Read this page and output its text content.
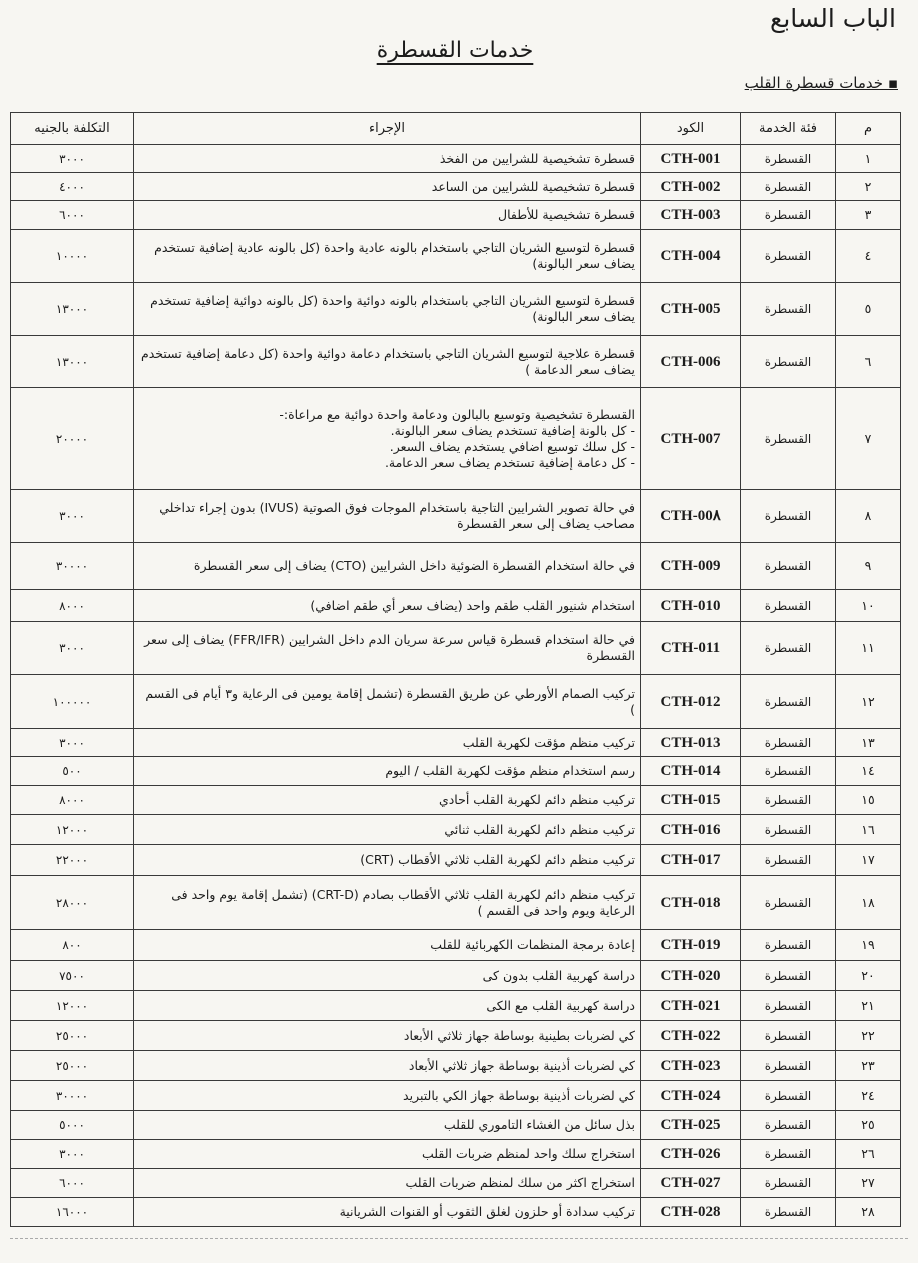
الباب السابع
خدمات القسطرة
▪ خدمات قسطرة القلب
م	فئة الخدمة	الكود	الإجراء	التكلفة بالجنيه
١	القسطرة	CTH-001	قسطرة تشخيصية للشرايين من الفخذ	٣٠٠٠
٢	القسطرة	CTH-002	قسطرة تشخيصية للشرايين من الساعد	٤٠٠٠
٣	القسطرة	CTH-003	قسطرة تشخيصية للأطفال	٦٠٠٠
٤	القسطرة	CTH-004	قسطرة لتوسيع الشريان التاجي باستخدام بالونه عادية واحدة (كل بالونه عادية إضافية تستخدم يضاف سعر البالونة)	١٠٠٠٠
٥	القسطرة	CTH-005	قسطرة لتوسيع الشريان التاجي باستخدام بالونه دوائية واحدة (كل بالونه دوائية إضافية تستخدم يضاف سعر البالونة)	١٣٠٠٠
٦	القسطرة	CTH-006	قسطرة علاجية لتوسيع الشريان التاجي باستخدام دعامة دوائية واحدة (كل دعامة إضافية تستخدم يضاف سعر الدعامة )	١٣٠٠٠
٧	القسطرة	CTH-007	القسطرة تشخيصية وتوسيع بالبالون ودعامة واحدة دوائية مع مراعاة:-
- كل بالونة إضافية تستخدم يضاف سعر البالونة.
- كل سلك توسيع اضافي يستخدم يضاف السعر.
- كل دعامة إضافية تستخدم يضاف سعر الدعامة.	٢٠٠٠٠
٨	القسطرة	CTH-00٨	في حالة تصوير الشرايين التاجية باستخدام الموجات فوق الصوتية (IVUS) بدون إجراء تداخلي مصاحب يضاف إلى سعر القسطرة	٣٠٠٠
٩	القسطرة	CTH-009	في حالة استخدام القسطرة الضوئية داخل الشرايين (CTO) يضاف إلى سعر القسطرة	٣٠٠٠٠
١٠	القسطرة	CTH-010	استخدام شنيور القلب طقم واحد (يضاف سعر أي طقم اضافي)	٨٠٠٠
١١	القسطرة	CTH-011	في حالة استخدام قسطرة قياس سرعة سريان الدم داخل الشرايين (FFR/IFR) يضاف إلى سعر القسطرة	٣٠٠٠
١٢	القسطرة	CTH-012	تركيب الصمام الأورطي عن طريق القسطرة (تشمل إقامة يومين فى الرعاية و٣ أيام فى القسم )	١٠٠٠٠٠
١٣	القسطرة	CTH-013	تركيب منظم مؤقت لكهربة القلب	٣٠٠٠
١٤	القسطرة	CTH-014	رسم استخدام منظم مؤقت لكهربة القلب / اليوم	٥٠٠
١٥	القسطرة	CTH-015	تركيب منظم دائم لكهربة القلب أحادي	٨٠٠٠
١٦	القسطرة	CTH-016	تركيب منظم دائم لكهربة القلب ثنائي	١٢٠٠٠
١٧	القسطرة	CTH-017	تركيب منظم دائم لكهربة القلب ثلاثي الأقطاب (CRT)	٢٢٠٠٠
١٨	القسطرة	CTH-018	تركيب منظم دائم لكهربة القلب ثلاثي الأقطاب بصادم (CRT-D) (تشمل إقامة يوم واحد فى الرعاية ويوم واحد فى القسم )	٢٨٠٠٠
١٩	القسطرة	CTH-019	إعادة برمجة المنظمات الكهربائية للقلب	٨٠٠
٢٠	القسطرة	CTH-020	دراسة كهربية القلب بدون كى	٧٥٠٠
٢١	القسطرة	CTH-021	دراسة كهربية القلب مع الكى	١٢٠٠٠
٢٢	القسطرة	CTH-022	كي لضربات بطينية بوساطة جهاز ثلاثي الأبعاد	٢٥٠٠٠
٢٣	القسطرة	CTH-023	كي لضربات أذينية بوساطة جهاز ثلاثي الأبعاد	٢٥٠٠٠
٢٤	القسطرة	CTH-024	كي لضربات أذينية بوساطة جهاز الكي بالتبريد	٣٠٠٠٠
٢٥	القسطرة	CTH-025	بذل سائل من الغشاء التاموري للقلب	٥٠٠٠
٢٦	القسطرة	CTH-026	استخراج سلك واحد لمنظم ضربات القلب	٣٠٠٠
٢٧	القسطرة	CTH-027	استخراج اكثر من سلك لمنظم ضربات القلب	٦٠٠٠
٢٨	القسطرة	CTH-028	تركيب سدادة أو حلزون لغلق الثقوب أو القنوات الشريانية	١٦٠٠٠
